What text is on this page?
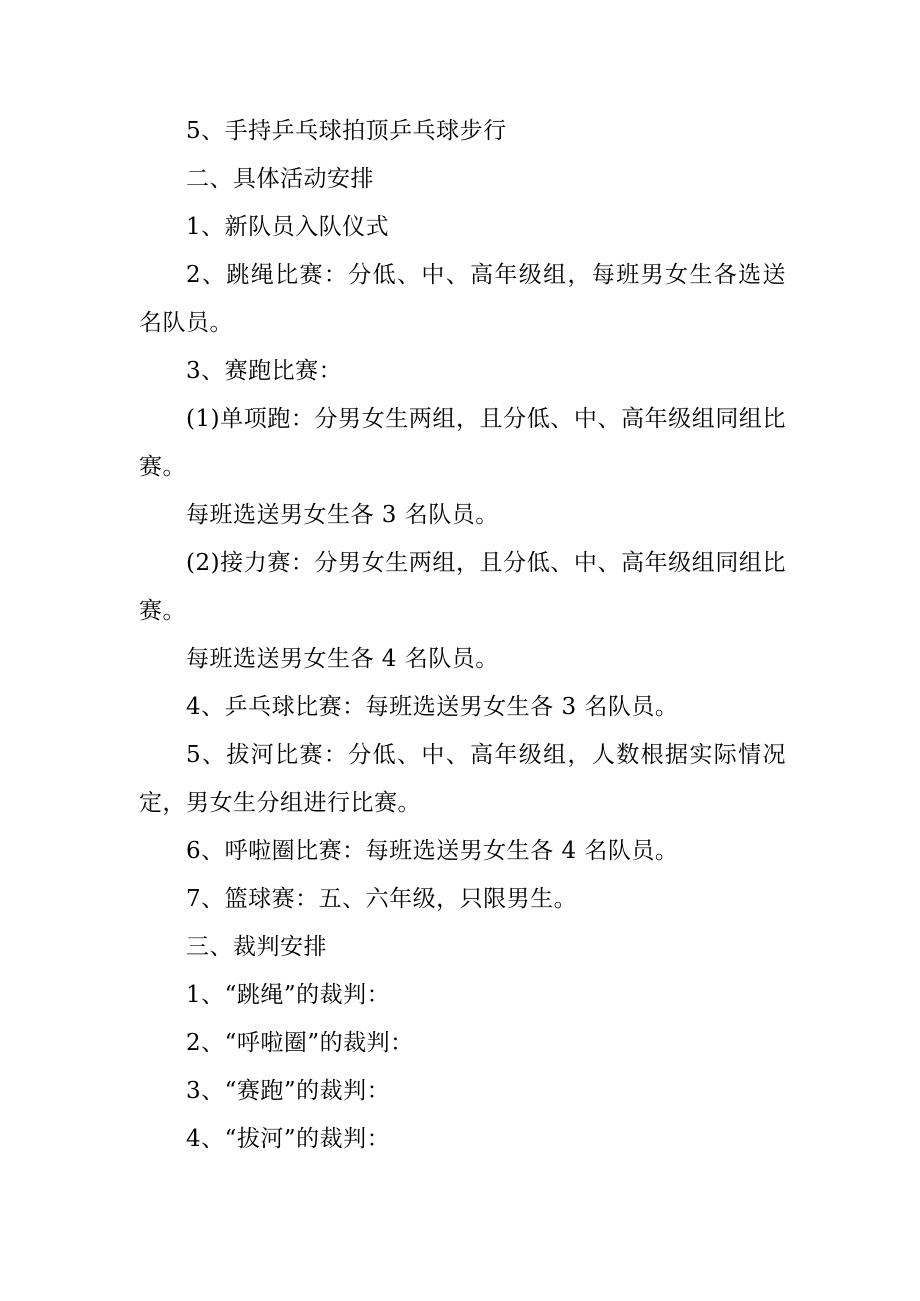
5、手持乒乓球拍顶乒乓球步行
二、具体活动安排
1、新队员入队仪式
2、跳绳比赛：分低、中、高年级组，每班男女生各选送
名队员。
3、赛跑比赛：
(1)单项跑：分男女生两组，且分低、中、高年级组同组比
赛。
每班选送男女生各 3 名队员。
(2)接力赛：分男女生两组，且分低、中、高年级组同组比
赛。
每班选送男女生各 4 名队员。
4、乒乓球比赛：每班选送男女生各 3 名队员。
5、拔河比赛：分低、中、高年级组，人数根据实际情况
定，男女生分组进行比赛。
6、呼啦圈比赛：每班选送男女生各 4 名队员。
7、篮球赛：五、六年级，只限男生。
三、裁判安排
1、“跳绳”的裁判：
2、“呼啦圈”的裁判：
3、“赛跑”的裁判：
4、“拔河”的裁判：
